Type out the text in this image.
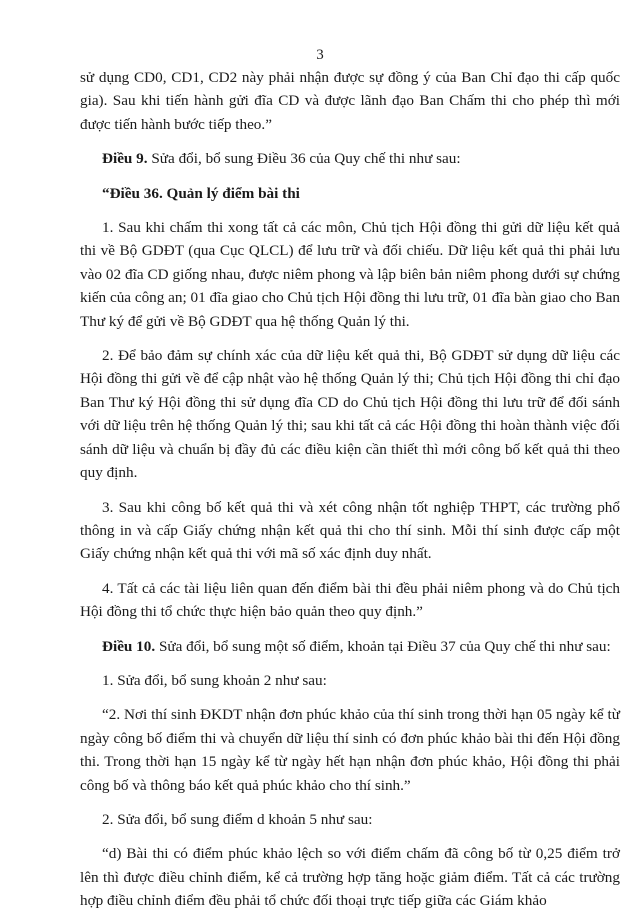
3

sử dụng CD0, CD1, CD2 này phải nhận được sự đồng ý của Ban Chỉ đạo thi cấp quốc gia). Sau khi tiến hành gửi đĩa CD và được lãnh đạo Ban Chấm thi cho phép thì mới được tiến hành bước tiếp theo.”

Điều 9. Sửa đổi, bổ sung Điều 36 của Quy chế thi như sau:

“Điều 36. Quản lý điểm bài thi

1. Sau khi chấm thi xong tất cả các môn, Chủ tịch Hội đồng thi gửi dữ liệu kết quả thi về Bộ GDĐT (qua Cục QLCL) để lưu trữ và đối chiếu. Dữ liệu kết quả thi phải lưu vào 02 đĩa CD giống nhau, được niêm phong và lập biên bản niêm phong dưới sự chứng kiến của công an; 01 đĩa giao cho Chủ tịch Hội đồng thi lưu trữ, 01 đĩa bàn giao cho Ban Thư ký để gửi về Bộ GDĐT qua hệ thống Quản lý thi.

2. Để bảo đảm sự chính xác của dữ liệu kết quả thi, Bộ GDĐT sử dụng dữ liệu các Hội đồng thi gửi về để cập nhật vào hệ thống Quản lý thi; Chủ tịch Hội đồng thi chỉ đạo Ban Thư ký Hội đồng thi sử dụng đĩa CD do Chủ tịch Hội đồng thi lưu trữ để đối sánh với dữ liệu trên hệ thống Quản lý thi; sau khi tất cả các Hội đồng thi hoàn thành việc đối sánh dữ liệu và chuẩn bị đầy đủ các điều kiện cần thiết thì mới công bố kết quả thi theo quy định.

3. Sau khi công bố kết quả thi và xét công nhận tốt nghiệp THPT, các trường phổ thông in và cấp Giấy chứng nhận kết quả thi cho thí sinh. Mỗi thí sinh được cấp một Giấy chứng nhận kết quả thi với mã số xác định duy nhất.

4. Tất cả các tài liệu liên quan đến điểm bài thi đều phải niêm phong và do Chủ tịch Hội đồng thi tổ chức thực hiện bảo quản theo quy định.”

Điều 10. Sửa đổi, bổ sung một số điểm, khoản tại Điều 37 của Quy chế thi như sau:

1. Sửa đổi, bổ sung khoản 2 như sau:

“2. Nơi thí sinh ĐKDT nhận đơn phúc khảo của thí sinh trong thời hạn 05 ngày kể từ ngày công bố điểm thi và chuyển dữ liệu thí sinh có đơn phúc khảo bài thi đến Hội đồng thi. Trong thời hạn 15 ngày kể từ ngày hết hạn nhận đơn phúc khảo, Hội đồng thi phải công bố và thông báo kết quả phúc khảo cho thí sinh.”

2. Sửa đổi, bổ sung điểm d khoản 5 như sau:

“d) Bài thi có điểm phúc khảo lệch so với điểm chấm đã công bố từ 0,25 điểm trở lên thì được điều chỉnh điểm, kể cả trường hợp tăng hoặc giảm điểm. Tất cả các trường hợp điều chỉnh điểm đều phải tổ chức đối thoại trực tiếp giữa các Giám khảo
